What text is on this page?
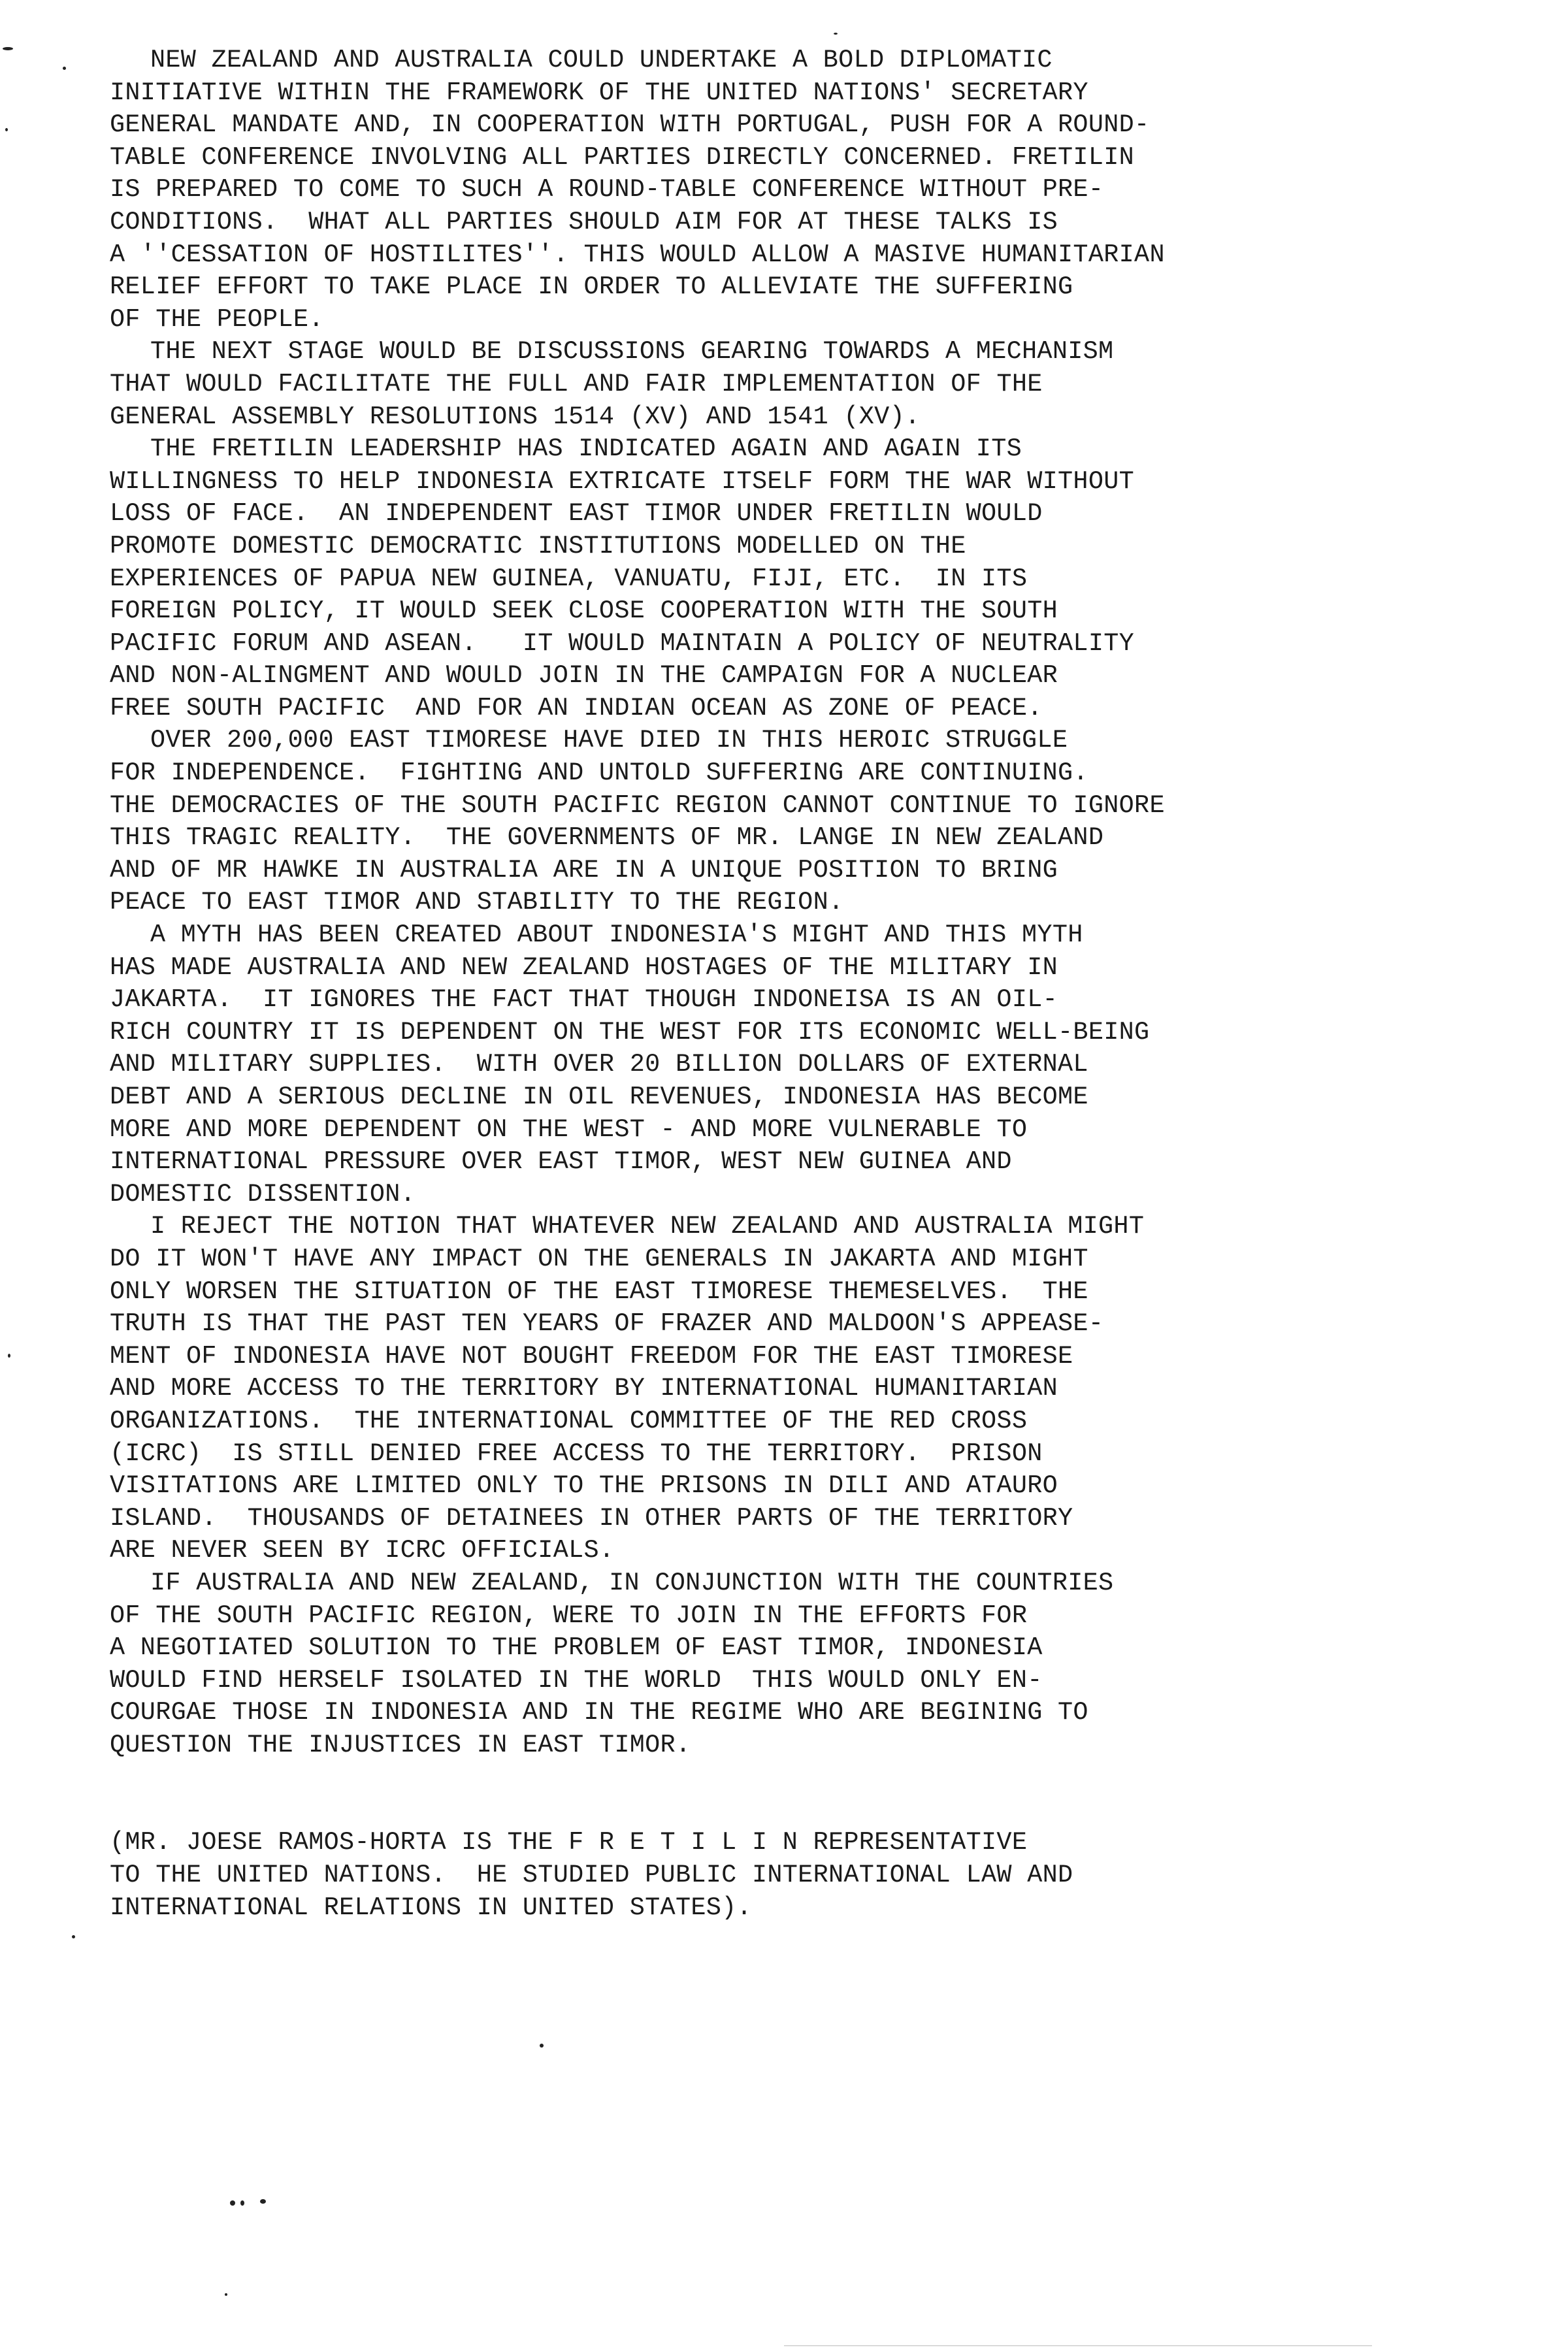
NEW ZEALAND AND AUSTRALIA COULD UNDERTAKE A BOLD DIPLOMATIC
INITIATIVE WITHIN THE FRAMEWORK OF THE UNITED NATIONS' SECRETARY
GENERAL MANDATE AND, IN COOPERATION WITH PORTUGAL, PUSH FOR A ROUND-
TABLE CONFERENCE INVOLVING ALL PARTIES DIRECTLY CONCERNED. FRETILIN
IS PREPARED TO COME TO SUCH A ROUND-TABLE CONFERENCE WITHOUT PRE-
CONDITIONS.  WHAT ALL PARTIES SHOULD AIM FOR AT THESE TALKS IS
A ''CESSATION OF HOSTILITES''. THIS WOULD ALLOW A MASIVE HUMANITARIAN
RELIEF EFFORT TO TAKE PLACE IN ORDER TO ALLEVIATE THE SUFFERING
OF THE PEOPLE.
THE NEXT STAGE WOULD BE DISCUSSIONS GEARING TOWARDS A MECHANISM
THAT WOULD FACILITATE THE FULL AND FAIR IMPLEMENTATION OF THE
GENERAL ASSEMBLY RESOLUTIONS 1514 (XV) AND 1541 (XV).
THE FRETILIN LEADERSHIP HAS INDICATED AGAIN AND AGAIN ITS
WILLINGNESS TO HELP INDONESIA EXTRICATE ITSELF FORM THE WAR WITHOUT
LOSS OF FACE.  AN INDEPENDENT EAST TIMOR UNDER FRETILIN WOULD
PROMOTE DOMESTIC DEMOCRATIC INSTITUTIONS MODELLED ON THE
EXPERIENCES OF PAPUA NEW GUINEA, VANUATU, FIJI, ETC.  IN ITS
FOREIGN POLICY, IT WOULD SEEK CLOSE COOPERATION WITH THE SOUTH
PACIFIC FORUM AND ASEAN.   IT WOULD MAINTAIN A POLICY OF NEUTRALITY
AND NON-ALINGMENT AND WOULD JOIN IN THE CAMPAIGN FOR A NUCLEAR
FREE SOUTH PACIFIC  AND FOR AN INDIAN OCEAN AS ZONE OF PEACE.
OVER 200,000 EAST TIMORESE HAVE DIED IN THIS HEROIC STRUGGLE
FOR INDEPENDENCE.  FIGHTING AND UNTOLD SUFFERING ARE CONTINUING.
THE DEMOCRACIES OF THE SOUTH PACIFIC REGION CANNOT CONTINUE TO IGNORE
THIS TRAGIC REALITY.  THE GOVERNMENTS OF MR. LANGE IN NEW ZEALAND
AND OF MR HAWKE IN AUSTRALIA ARE IN A UNIQUE POSITION TO BRING
PEACE TO EAST TIMOR AND STABILITY TO THE REGION.
A MYTH HAS BEEN CREATED ABOUT INDONESIA'S MIGHT AND THIS MYTH
HAS MADE AUSTRALIA AND NEW ZEALAND HOSTAGES OF THE MILITARY IN
JAKARTA.  IT IGNORES THE FACT THAT THOUGH INDONEISA IS AN OIL-
RICH COUNTRY IT IS DEPENDENT ON THE WEST FOR ITS ECONOMIC WELL-BEING
AND MILITARY SUPPLIES.  WITH OVER 20 BILLION DOLLARS OF EXTERNAL
DEBT AND A SERIOUS DECLINE IN OIL REVENUES, INDONESIA HAS BECOME
MORE AND MORE DEPENDENT ON THE WEST - AND MORE VULNERABLE TO
INTERNATIONAL PRESSURE OVER EAST TIMOR, WEST NEW GUINEA AND
DOMESTIC DISSENTION.
I REJECT THE NOTION THAT WHATEVER NEW ZEALAND AND AUSTRALIA MIGHT
DO IT WON'T HAVE ANY IMPACT ON THE GENERALS IN JAKARTA AND MIGHT
ONLY WORSEN THE SITUATION OF THE EAST TIMORESE THEMESELVES.  THE
TRUTH IS THAT THE PAST TEN YEARS OF FRAZER AND MALDOON'S APPEASE-
MENT OF INDONESIA HAVE NOT BOUGHT FREEDOM FOR THE EAST TIMORESE
AND MORE ACCESS TO THE TERRITORY BY INTERNATIONAL HUMANITARIAN
ORGANIZATIONS.  THE INTERNATIONAL COMMITTEE OF THE RED CROSS
(ICRC)  IS STILL DENIED FREE ACCESS TO THE TERRITORY.  PRISON
VISITATIONS ARE LIMITED ONLY TO THE PRISONS IN DILI AND ATAURO
ISLAND.  THOUSANDS OF DETAINEES IN OTHER PARTS OF THE TERRITORY
ARE NEVER SEEN BY ICRC OFFICIALS.
IF AUSTRALIA AND NEW ZEALAND, IN CONJUNCTION WITH THE COUNTRIES
OF THE SOUTH PACIFIC REGION, WERE TO JOIN IN THE EFFORTS FOR
A NEGOTIATED SOLUTION TO THE PROBLEM OF EAST TIMOR, INDONESIA
WOULD FIND HERSELF ISOLATED IN THE WORLD  THIS WOULD ONLY EN-
COURGAE THOSE IN INDONESIA AND IN THE REGIME WHO ARE BEGINING TO
QUESTION THE INJUSTICES IN EAST TIMOR.
(MR. JOESE RAMOS-HORTA IS THE F R E T I L I N REPRESENTATIVE
TO THE UNITED NATIONS.  HE STUDIED PUBLIC INTERNATIONAL LAW AND
INTERNATIONAL RELATIONS IN UNITED STATES).
